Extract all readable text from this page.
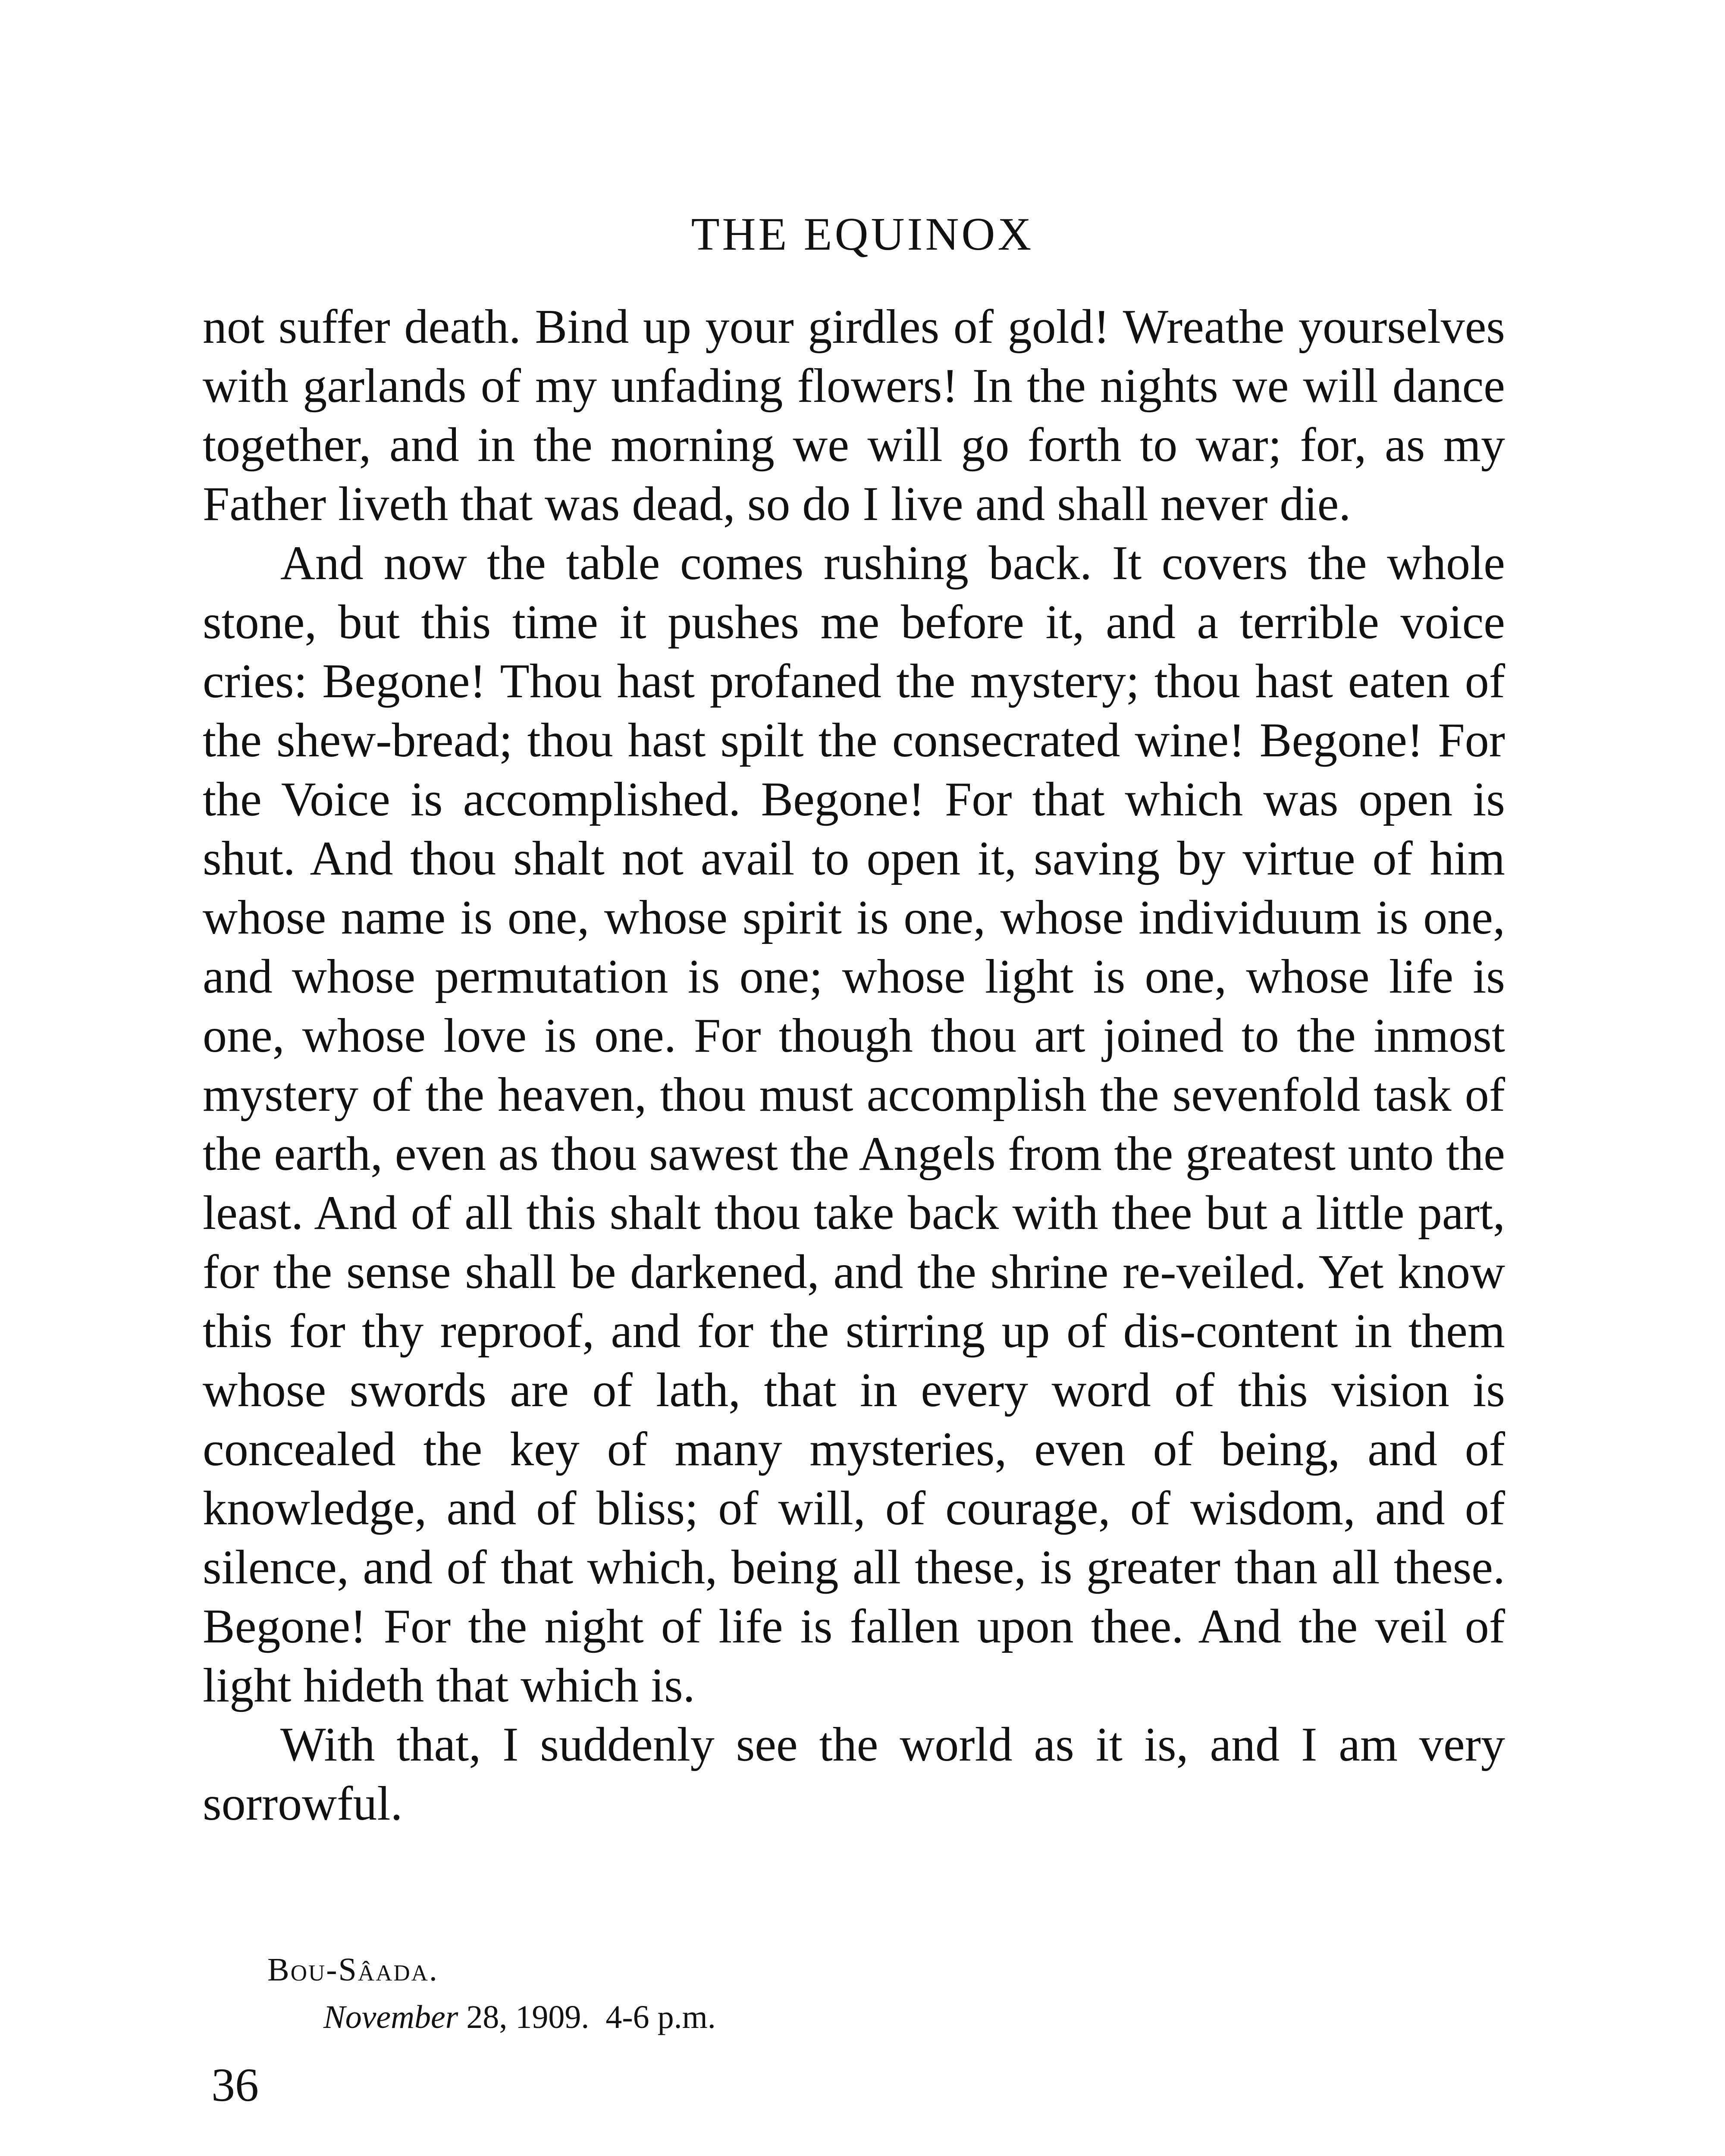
THE EQUINOX

not suffer death. Bind up your girdles of gold! Wreathe yourselves with garlands of my unfading flowers! In the nights we will dance together, and in the morning we will go forth to war; for, as my Father liveth that was dead, so do I live and shall never die.

And now the table comes rushing back. It covers the whole stone, but this time it pushes me before it, and a terrible voice cries: Begone! Thou hast profaned the mystery; thou hast eaten of the shew-bread; thou hast spilt the consecrated wine! Begone! For the Voice is accomplished. Begone! For that which was open is shut. And thou shalt not avail to open it, saving by virtue of him whose name is one, whose spirit is one, whose individuum is one, and whose permutation is one; whose light is one, whose life is one, whose love is one. For though thou art joined to the inmost mystery of the heaven, thou must accomplish the sevenfold task of the earth, even as thou sawest the Angels from the greatest unto the least. And of all this shalt thou take back with thee but a little part, for the sense shall be darkened, and the shrine re-veiled. Yet know this for thy reproof, and for the stirring up of dis-content in them whose swords are of lath, that in every word of this vision is concealed the key of many mysteries, even of being, and of knowledge, and of bliss; of will, of courage, of wisdom, and of silence, and of that which, being all these, is greater than all these. Begone! For the night of life is fallen upon thee. And the veil of light hideth that which is.

With that, I suddenly see the world as it is, and I am very sorrowful.

Bou-Sâada.
November 28, 1909. 4-6 p.m.
36
